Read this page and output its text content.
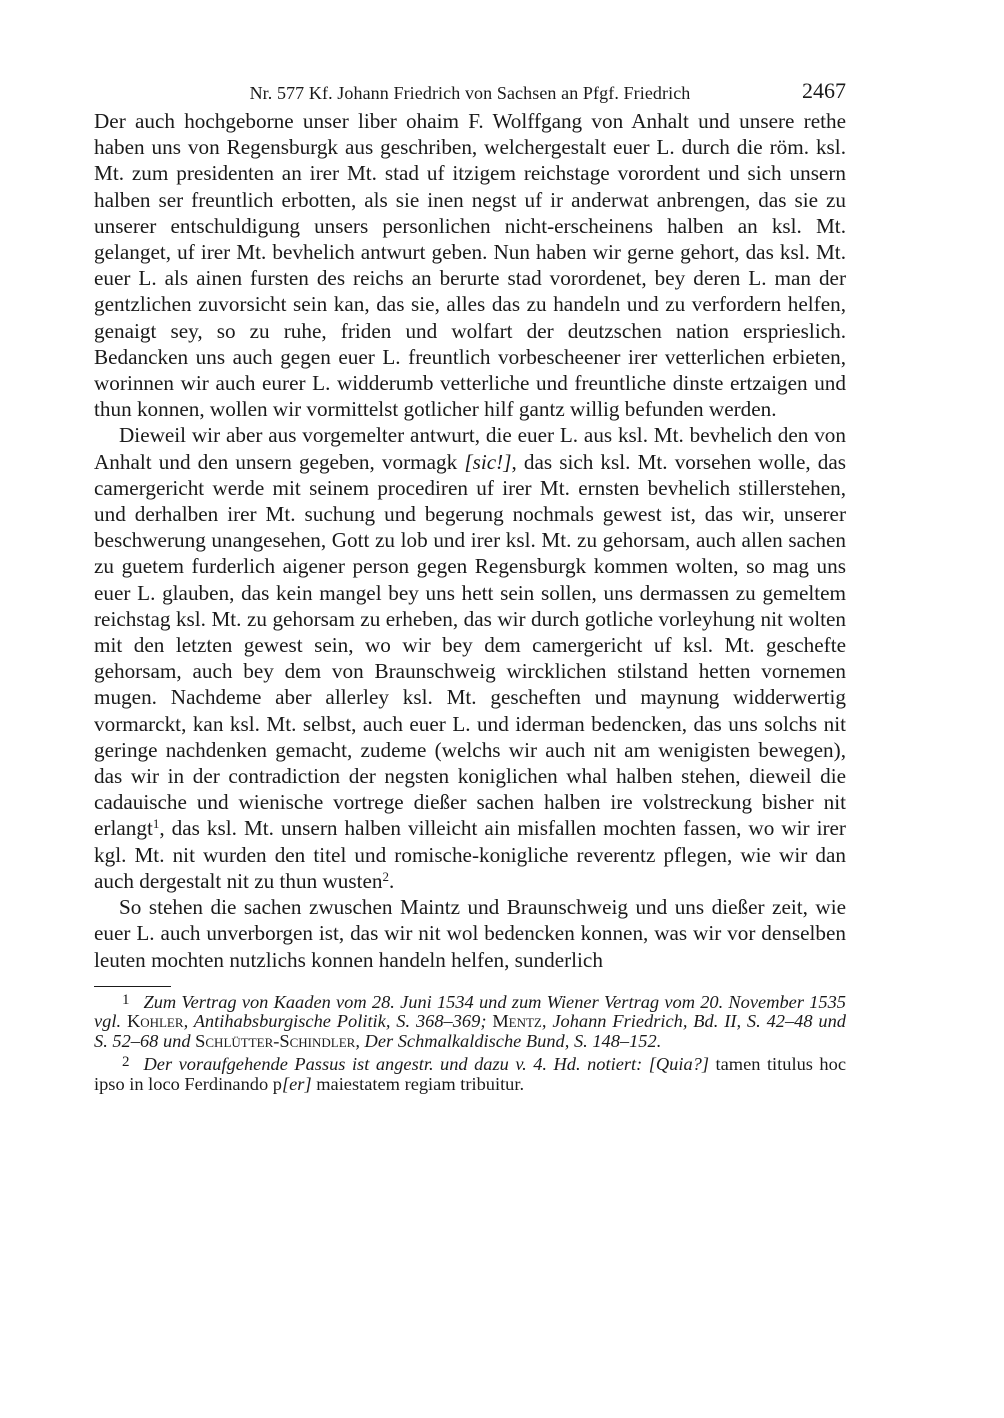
Nr. 577 Kf. Johann Friedrich von Sachsen an Pfgf. Friedrich	2467

Der auch hochgeborne unser liber ohaim F. Wolffgang von Anhalt und unsere rethe haben uns von Regensburgk aus geschriben, welchergestalt euer L. durch die röm. ksl. Mt. zum presidenten an irer Mt. stad uf itzigem reichstage vorordent und sich unsern halben ser freuntlich erbotten, als sie inen negst uf ir anderwat anbrengen, das sie zu unserer entschuldigung unsers personlichen nicht-erscheinens halben an ksl. Mt. gelanget, uf irer Mt. bevhelich antwurt geben. Nun haben wir gerne gehort, das ksl. Mt. euer L. als ainen fursten des reichs an berurte stad vorordenet, bey deren L. man der gentzlichen zuvorsicht sein kan, das sie, alles das zu handeln und zu verfordern helfen, genaigt sey, so zu ruhe, friden und wolfart der deutzschen nation ersprieslich. Bedancken uns auch gegen euer L. freuntlich vorbescheener irer vetterlichen erbieten, worinnen wir auch eurer L. widderumb vetterliche und freuntliche dinste ertzaigen und thun konnen, wollen wir vormittelst gotlicher hilf gantz willig befunden werden.

Dieweil wir aber aus vorgemelter antwurt, die euer L. aus ksl. Mt. bevhelich den von Anhalt und den unsern gegeben, vormagk [sic!], das sich ksl. Mt. vorsehen wolle, das camergericht werde mit seinem procediren uf irer Mt. ernsten bevhelich stillerstehen, und derhalben irer Mt. suchung und begerung nochmals gewest ist, das wir, unserer beschwerung unangesehen, Gott zu lob und irer ksl. Mt. zu gehorsam, auch allen sachen zu guetem furderlich aigener person gegen Regensburgk kommen wolten, so mag uns euer L. glauben, das kein mangel bey uns hett sein sollen, uns dermassen zu gemeltem reichstag ksl. Mt. zu gehorsam zu erheben, das wir durch gotliche vorleyhung nit wolten mit den letzten gewest sein, wo wir bey dem camergericht uf ksl. Mt. geschefte gehorsam, auch bey dem von Braunschweig wircklichen stilstand hetten vornemen mugen. Nachdeme aber allerley ksl. Mt. gescheften und maynung widderwertig vormarckt, kan ksl. Mt. selbst, auch euer L. und iderman bedencken, das uns solchs nit geringe nachdenken gemacht, zudeme (welchs wir auch nit am wenigisten bewegen), das wir in der contradiction der negsten koniglichen whal halben stehen, dieweil die cadauische und wienische vortrege dießer sachen halben ire volstreckung bisher nit erlangt$^1$, das ksl. Mt. unsern halben villeicht ain misfallen mochten fassen, wo wir irer kgl. Mt. nit wurden den titel und romische-konigliche reverentz pflegen, wie wir dan auch dergestalt nit zu thun wusten$^2$.

So stehen die sachen zwuschen Maintz und Braunschweig und uns dießer zeit, wie euer L. auch unverborgen ist, das wir nit wol bedencken konnen, was wir vor denselben leuten mochten nutzlichs konnen handeln helfen, sunderlich

$^1$ Zum Vertrag von Kaaden vom 28. Juni 1534 und zum Wiener Vertrag vom 20. November 1535 vgl. Kohler, Antihabsburgische Politik, S. 368–369; Mentz, Johann Friedrich, Bd. II, S. 42–48 und S. 52–68 und Schlütter-Schindler, Der Schmalkaldische Bund, S. 148–152.

$^2$ Der voraufgehende Passus ist angestr. und dazu v. 4. Hd. notiert: [Quia?] tamen titulus hoc ipso in loco Ferdinando p[er] maiestatem regiam tribuitur.
